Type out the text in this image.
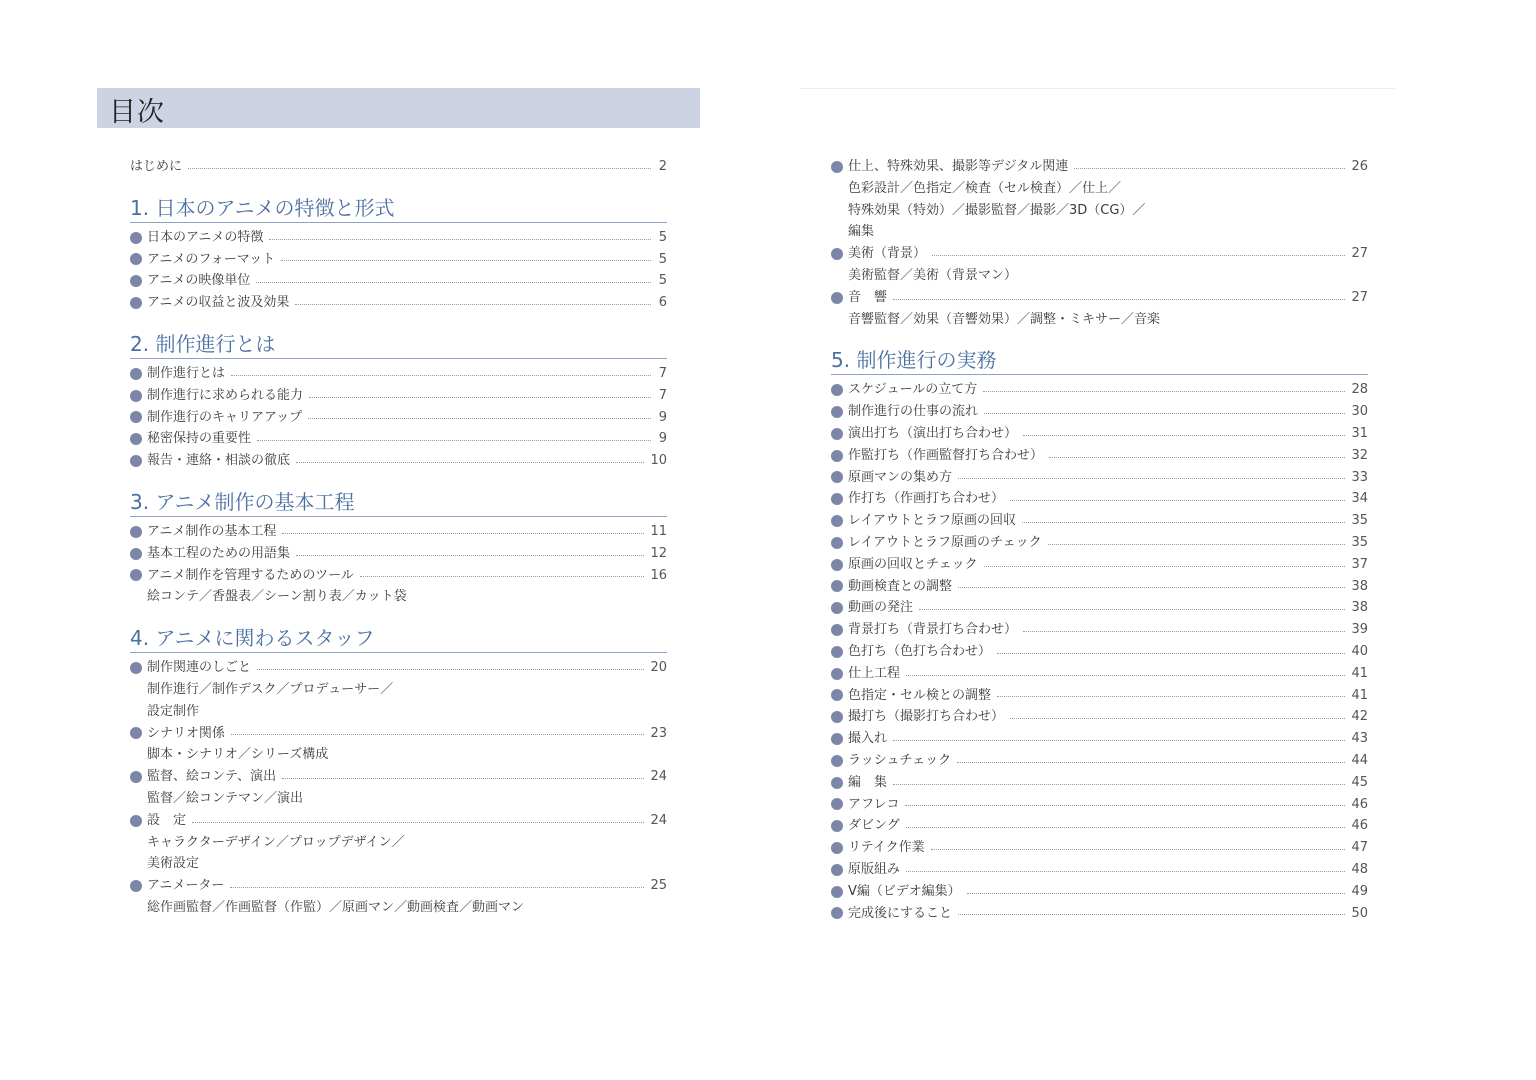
目次
はじめに	2
1. 日本のアニメの特徴と形式
日本のアニメの特徴	5
アニメのフォーマット	5
アニメの映像単位	5
アニメの収益と波及効果	6
2. 制作進行とは
制作進行とは	7
制作進行に求められる能力	7
制作進行のキャリアアップ	9
秘密保持の重要性	9
報告・連絡・相談の徹底	10
3. アニメ制作の基本工程
アニメ制作の基本工程	11
基本工程のための用語集	12
アニメ制作を管理するためのツール	16
絵コンテ／香盤表／シーン割り表／カット袋
4. アニメに関わるスタッフ
制作関連のしごと	20
制作進行／制作デスク／プロデューサー／
設定制作
シナリオ関係	23
脚本・シナリオ／シリーズ構成
監督、絵コンテ、演出	24
監督／絵コンテマン／演出
設　定	24
キャラクターデザイン／プロップデザイン／
美術設定
アニメーター	25
総作画監督／作画監督（作監）／原画マン／動画検査／動画マン
仕上、特殊効果、撮影等デジタル関連	26
色彩設計／色指定／検査（セル検査）／仕上／
特殊効果（特効）／撮影監督／撮影／3D（CG）／
編集
美術（背景）	27
美術監督／美術（背景マン）
音　響	27
音響監督／効果（音響効果）／調整・ミキサー／音楽
5. 制作進行の実務
スケジュールの立て方	28
制作進行の仕事の流れ	30
演出打ち（演出打ち合わせ）	31
作監打ち（作画監督打ち合わせ）	32
原画マンの集め方	33
作打ち（作画打ち合わせ）	34
レイアウトとラフ原画の回収	35
レイアウトとラフ原画のチェック	35
原画の回収とチェック	37
動画検査との調整	38
動画の発注	38
背景打ち（背景打ち合わせ）	39
色打ち（色打ち合わせ）	40
仕上工程	41
色指定・セル検との調整	41
撮打ち（撮影打ち合わせ）	42
撮入れ	43
ラッシュチェック	44
編　集	45
アフレコ	46
ダビング	46
リテイク作業	47
原版組み	48
V編（ビデオ編集）	49
完成後にすること	50
